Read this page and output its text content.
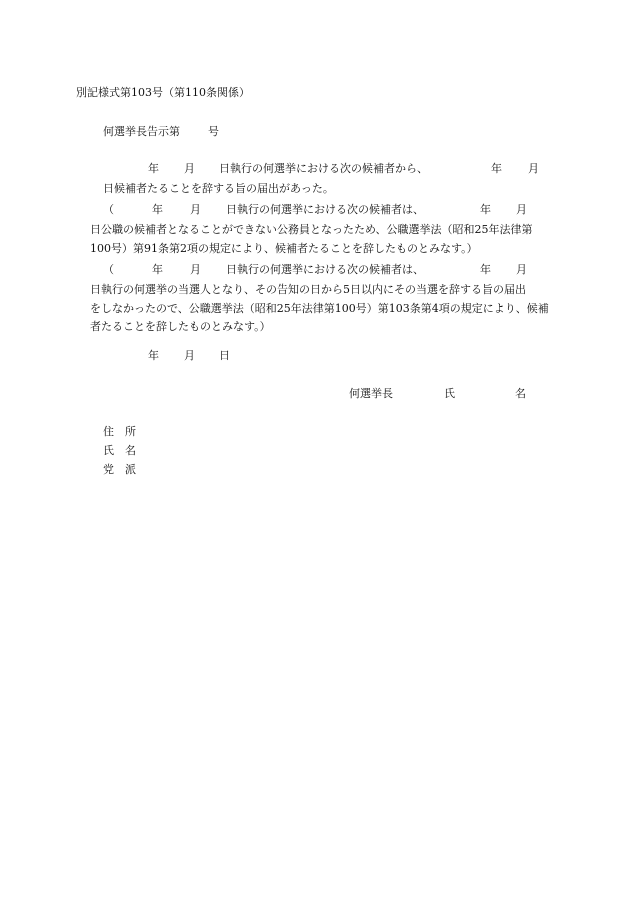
別記様式第103号（第110条関係）
何選挙長告示第	号
年 月 日執行の何選挙における次の候補者から、	年 月
日候補者たることを辞する旨の届出があった。
（	年 月 日執行の何選挙における次の候補者は、	年 月
日公職の候補者となることができない公務員となったため、公職選挙法（昭和25年法律第
100号）第91条第2項の規定により、候補者たることを辞したものとみなす。）
（	年 月 日執行の何選挙における次の候補者は、	年 月
日執行の何選挙の当選人となり、その告知の日から5日以内にその当選を辞する旨の届出
をしなかったので、公職選挙法（昭和25年法律第100号）第103条第4項の規定により、候補
者たることを辞したものとみなす。）
年 月 日
何選挙長	氏	名
住　所
氏　名
党　派
